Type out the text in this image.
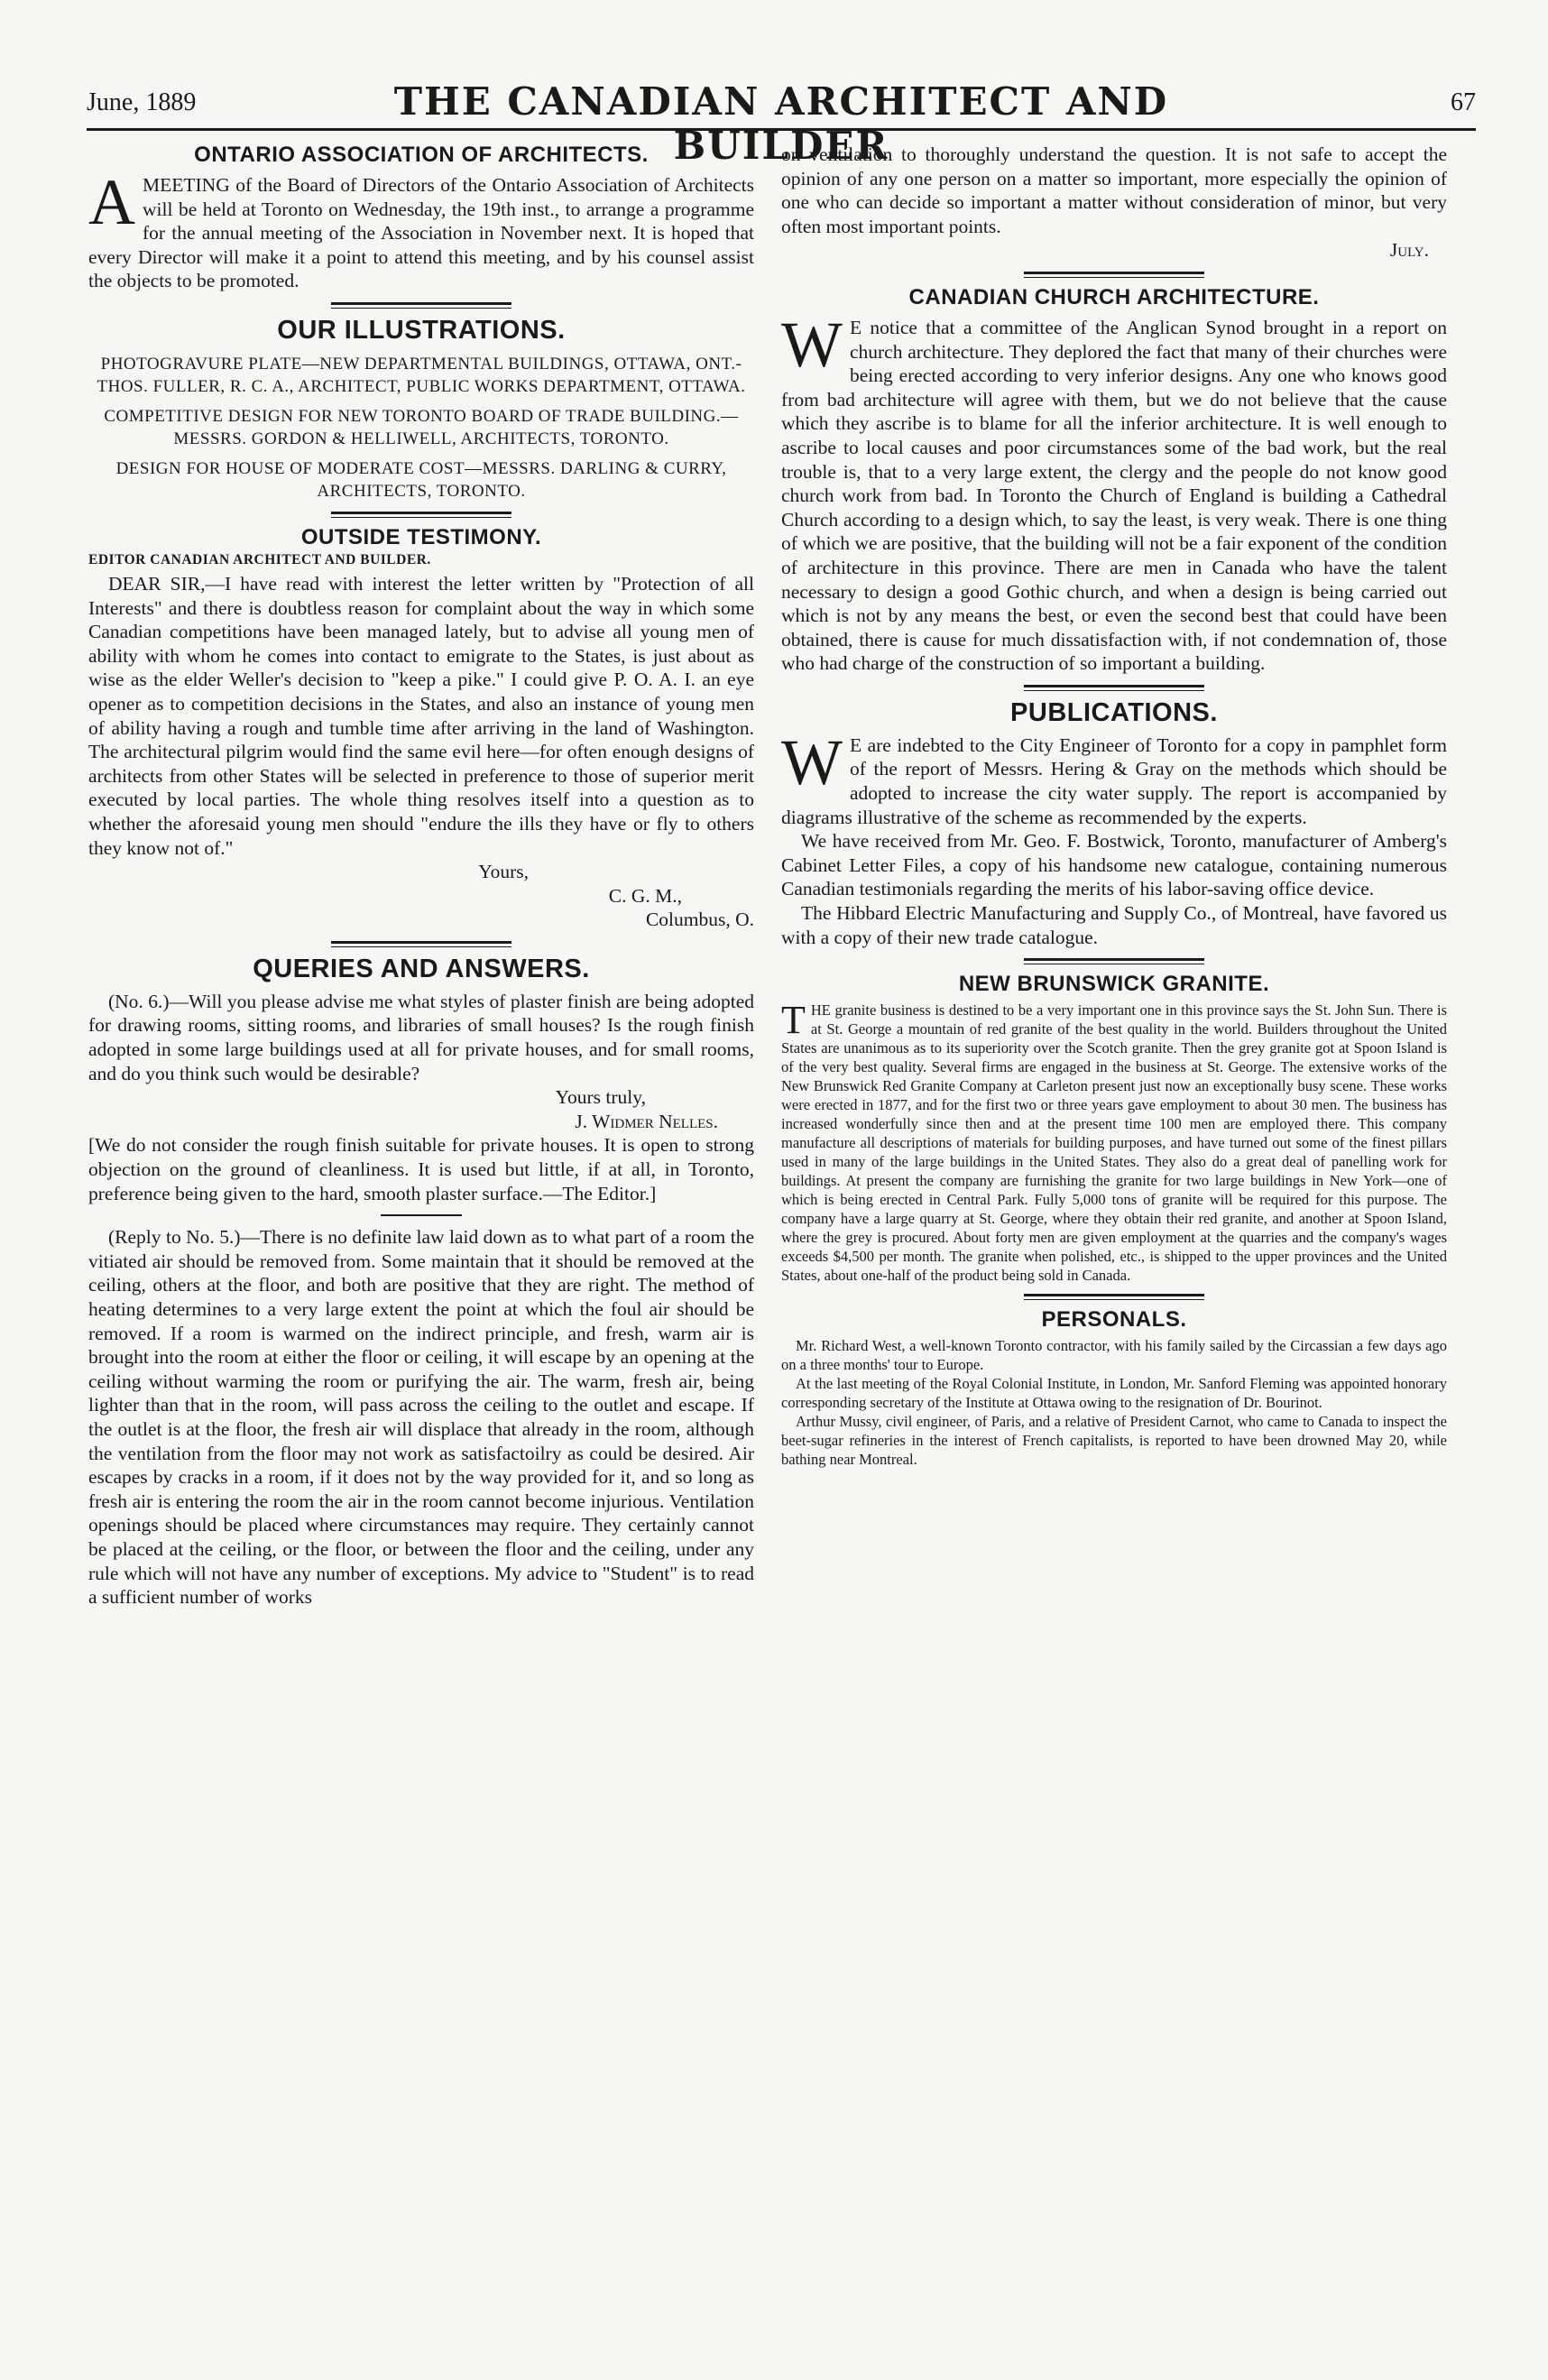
June, 1889	THE CANADIAN ARCHITECT AND BUILDER
67
ONTARIO ASSOCIATION OF ARCHITECTS.

AMEETING of the Board of Directors of the Ontario Association of Architects will be held at Toronto on Wednesday, the 19th inst., to arrange a programme for the annual meeting of the Association in November next. It is hoped that every Director will make it a point to attend this meeting, and by his counsel assist the objects to be promoted.

OUR ILLUSTRATIONS.
PHOTOGRAVURE PLATE—NEW DEPARTMENTAL BUILDINGS, OTTAWA, ONT.- THOS. FULLER, R. C. A., ARCHITECT, PUBLIC WORKS DEPARTMENT, OTTAWA.
COMPETITIVE DESIGN FOR NEW TORONTO BOARD OF TRADE BUILDING.—MESSRS. GORDON & HELLIWELL, ARCHITECTS, TORONTO.
DESIGN FOR HOUSE OF MODERATE COST—MESSRS. DARLING & CURRY, ARCHITECTS, TORONTO.
OUTSIDE TESTIMONY.
EDITOR CANADIAN ARCHITECT AND BUILDER.

DEAR SIR,—I have read with interest the letter written by "Protection of all Interests" and there is doubtless reason for complaint about the way in which some Canadian competitions have been managed lately, but to advise all young men of ability with whom he comes into contact to emigrate to the States, is just about as wise as the elder Weller's decision to "keep a pike." I could give P. O. A. I. an eye opener as to competition decisions in the States, and also an instance of young men of ability having a rough and tumble time after arriving in the land of Washington. The architectural pilgrim would find the same evil here—for often enough designs of architects from other States will be selected in preference to those of superior merit executed by local parties. The whole thing resolves itself into a question as to whether the aforesaid young men should "endure the ills they have or fly to others they know not of."

Yours,
C. G. M.,
Columbus, O.
QUERIES AND ANSWERS.

(No. 6.)—Will you please advise me what styles of plaster finish are being adopted for drawing rooms, sitting rooms, and libraries of small houses? Is the rough finish adopted in some large buildings used at all for private houses, and for small rooms, and do you think such would be desirable?

Yours truly,
J. Widmer Nelles.

[We do not consider the rough finish suitable for private houses. It is open to strong objection on the ground of cleanliness. It is used but little, if at all, in Toronto, preference being given to the hard, smooth plaster surface.—The Editor.]

(Reply to No. 5.)—There is no definite law laid down as to what part of a room the vitiated air should be removed from. Some maintain that it should be removed at the ceiling, others at the floor, and both are positive that they are right. The method of heating determines to a very large extent the point at which the foul air should be removed. If a room is warmed on the indirect principle, and fresh, warm air is brought into the room at either the floor or ceiling, it will escape by an opening at the ceiling without warming the room or purifying the air. The warm, fresh air, being lighter than that in the room, will pass across the ceiling to the outlet and escape. If the outlet is at the floor, the fresh air will displace that already in the room, although the ventilation from the floor may not work as satisfactoilry as could be desired. Air escapes by cracks in a room, if it does not by the way provided for it, and so long as fresh air is entering the room the air in the room cannot become injurious. Ventilation openings should be placed where circumstances may require. They certainly cannot be placed at the ceiling, or the floor, or between the floor and the ceiling, under any rule which will not have any number of exceptions. My advice to "Student" is to read a sufficient number of works

on ventilation to thoroughly understand the question. It is not safe to accept the opinion of any one person on a matter so important, more especially the opinion of one who can decide so important a matter without consideration of minor, but very often most important points.

July.
CANADIAN CHURCH ARCHITECTURE.

W E notice that a committee of the Anglican Synod brought in a report on church architecture. They deplored the fact that many of their churches were being erected according to very inferior designs. Any one who knows good from bad architecture will agree with them, but we do not believe that the cause which they ascribe is to blame for all the inferior architecture. It is well enough to ascribe to local causes and poor circumstances some of the bad work, but the real trouble is, that to a very large extent, the clergy and the people do not know good church work from bad. In Toronto the Church of England is building a Cathedral Church according to a design which, to say the least, is very weak. There is one thing of which we are positive, that the building will not be a fair exponent of the condition of architecture in this province. There are men in Canada who have the talent necessary to design a good Gothic church, and when a design is being carried out which is not by any means the best, or even the second best that could have been obtained, there is cause for much dissatisfaction with, if not condemnation of, those who had charge of the construction of so important a building.

PUBLICATIONS.

W E are indebted to the City Engineer of Toronto for a copy in pamphlet form of the report of Messrs. Hering & Gray on the methods which should be adopted to increase the city water supply. The report is accompanied by diagrams illustrative of the scheme as recommended by the experts.

We have received from Mr. Geo. F. Bostwick, Toronto, manufacturer of Amberg's Cabinet Letter Files, a copy of his handsome new catalogue, containing numerous Canadian testimonials regarding the merits of his labor-saving office device.

The Hibbard Electric Manufacturing and Supply Co., of Montreal, have favored us with a copy of their new trade catalogue.

NEW BRUNSWICK GRANITE.

THE granite business is destined to be a very important one in this province says the St. John Sun. There is at St. George a mountain of red granite of the best quality in the world. Builders throughout the United States are unanimous as to its superiority over the Scotch granite. Then the grey granite got at Spoon Island is of the very best quality. Several firms are engaged in the business at St. George. The extensive works of the New Brunswick Red Granite Company at Carleton present just now an exceptionally busy scene. These works were erected in 1877, and for the first two or three years gave employment to about 30 men. The business has increased wonderfully since then and at the present time 100 men are employed there. This company manufacture all descriptions of materials for building purposes, and have turned out some of the finest pillars used in many of the large buildings in the United States. They also do a great deal of panelling work for buildings. At present the company are furnishing the granite for two large buildings in New York—one of which is being erected in Central Park. Fully 5,000 tons of granite will be required for this purpose. The company have a large quarry at St. George, where they obtain their red granite, and another at Spoon Island, where the grey is procured. About forty men are given employment at the quarries and the company's wages exceeds $4,500 per month. The granite when polished, etc., is shipped to the upper provinces and the United States, about one-half of the product being sold in Canada.

PERSONALS.

Mr. Richard West, a well-known Toronto contractor, with his family sailed by the Circassian a few days ago on a three months' tour to Europe.

At the last meeting of the Royal Colonial Institute, in London, Mr. Sanford Fleming was appointed honorary corresponding secretary of the Institute at Ottawa owing to the resignation of Dr. Bourinot.

Arthur Mussy, civil engineer, of Paris, and a relative of President Carnot, who came to Canada to inspect the beet-sugar refineries in the interest of French capitalists, is reported to have been drowned May 20, while bathing near Montreal.
